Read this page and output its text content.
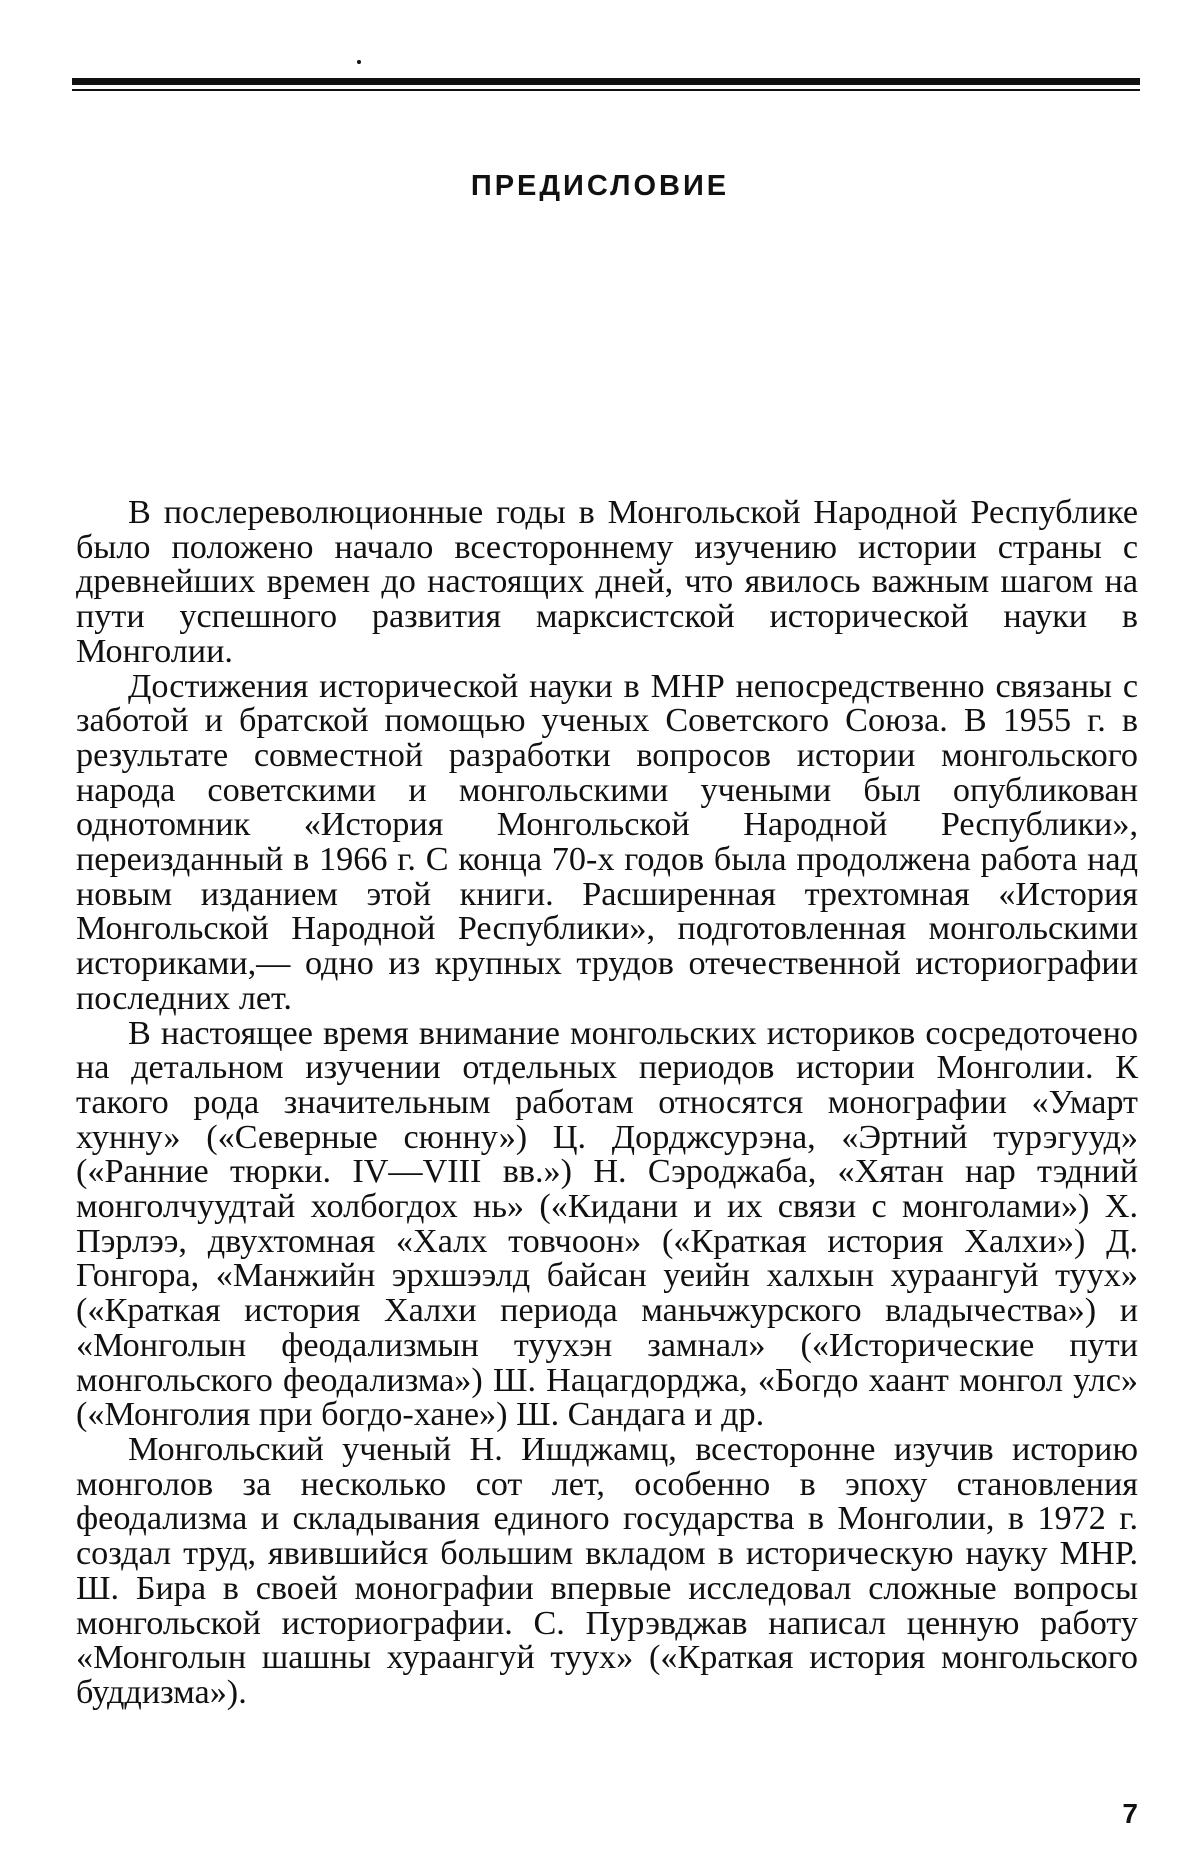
ПРЕДИСЛОВИЕ

В послереволюционные годы в Монгольской Народной Республике было положено начало всестороннему изучению истории страны с древнейших времен до настоящих дней, что явилось важным шагом на пути успешного развития марксистской исторической науки в Монголии.

Достижения исторической науки в МНР непосредственно связаны с заботой и братской помощью ученых Советского Союза. В 1955 г. в результате совместной разработки вопросов истории монгольского народа советскими и монгольскими учеными был опубликован однотомник «История Монгольской Народной Республики», переизданный в 1966 г. С конца 70-х годов была продолжена работа над новым изданием этой книги. Расширенная трехтомная «История Монгольской Народной Республики», подготовленная монгольскими историками,— одно из крупных трудов отечественной историографии последних лет.

В настоящее время внимание монгольских историков сосредоточено на детальном изучении отдельных периодов истории Монголии. К такого рода значительным работам относятся монографии «Умарт хунну» («Северные сюнну») Ц. Дорджсурэна, «Эртний турэгууд» («Ранние тюрки. IV—VIII вв.») Н. Сэроджаба, «Хятан нар тэдний монголчуудтай холбогдох нь» («Кидани и их связи с монголами») Х. Пэрлээ, двухтомная «Халх товчоон» («Краткая история Халхи») Д. Гонгора, «Манжийн эрхшээлд байсан уеийн халхын хураангуй туух» («Краткая история Халхи периода маньчжурского владычества») и «Монголын феодализмын туухэн замнал» («Исторические пути монгольского феодализма») Ш. Нацагдорджа, «Богдо хаант монгол улс» («Монголия при богдо-хане») Ш. Сандага и др.

Монгольский ученый Н. Ишджамц, всесторонне изучив историю монголов за несколько сот лет, особенно в эпоху становления феодализма и складывания единого государства в Монголии, в 1972 г. создал труд, явившийся большим вкладом в историческую науку МНР. Ш. Бира в своей монографии впервые исследовал сложные вопросы монгольской историографии. С. Пурэвджав написал ценную работу «Монголын шашны хураангуй туух» («Краткая история монгольского буддизма»).

7
